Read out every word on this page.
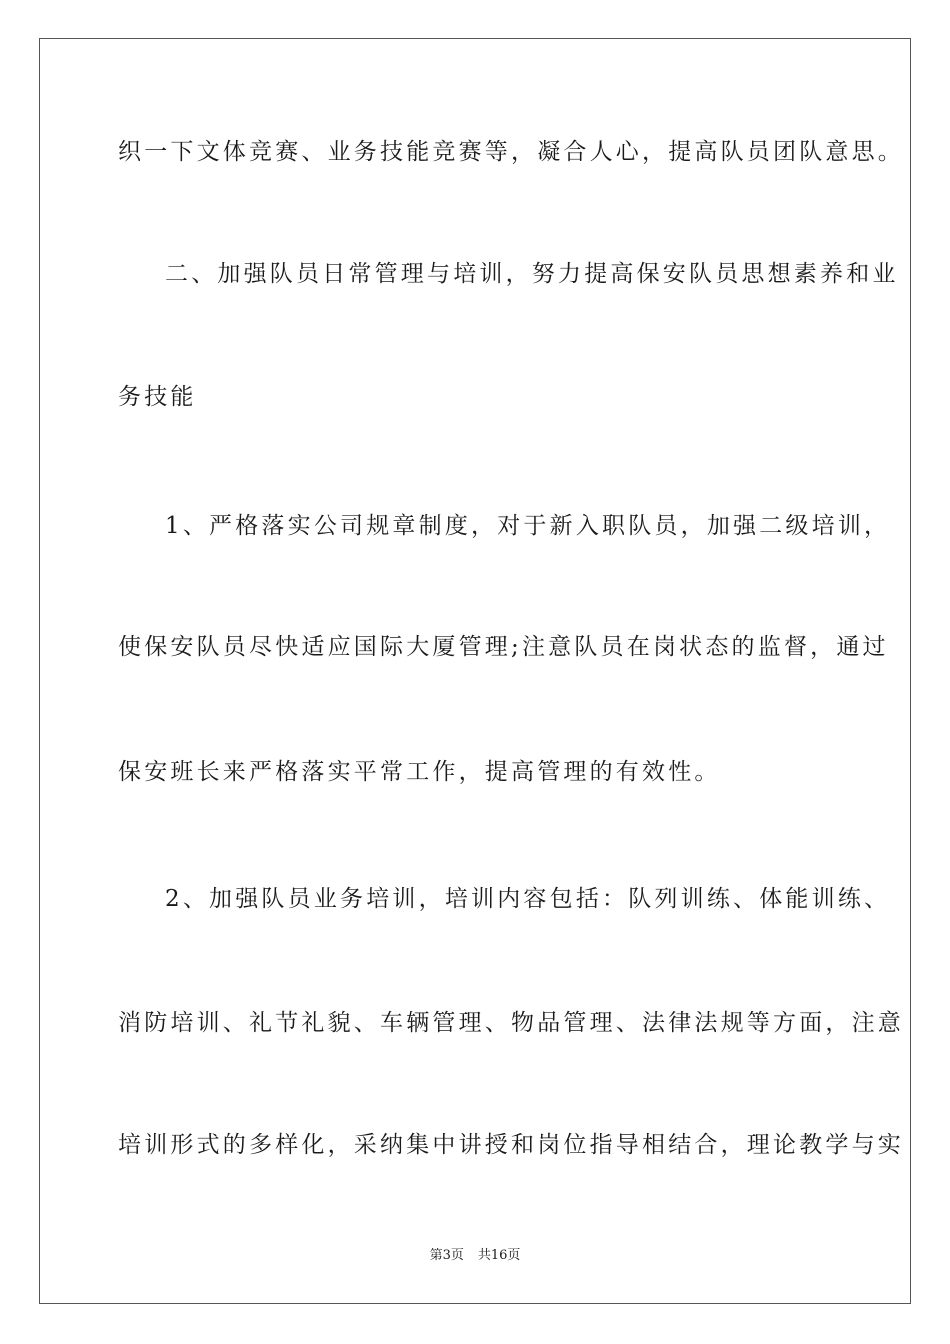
织一下文体竞赛、业务技能竞赛等，凝合人心，提高队员团队意思。
二、加强队员日常管理与培训，努力提高保安队员思想素养和业
务技能
1、严格落实公司规章制度，对于新入职队员，加强二级培训，
使保安队员尽快适应国际大厦管理;注意队员在岗状态的监督，通过
保安班长来严格落实平常工作，提高管理的有效性。
2、加强队员业务培训，培训内容包括：队列训练、体能训练、
消防培训、礼节礼貌、车辆管理、物品管理、法律法规等方面，注意
培训形式的多样化，采纳集中讲授和岗位指导相结合，理论教学与实
第3页 共16页
